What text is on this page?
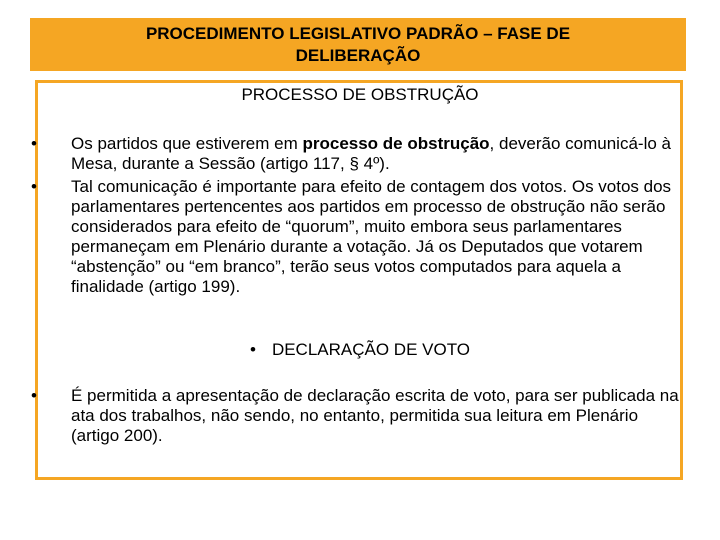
PROCEDIMENTO LEGISLATIVO PADRÃO – FASE DE DELIBERAÇÃO
PROCESSO DE OBSTRUÇÃO
• Os partidos que estiverem em processo de obstrução, deverão comunicá-lo à Mesa, durante a Sessão (artigo 117, § 4º).
• Tal comunicação é importante para efeito de contagem dos votos. Os votos dos parlamentares pertencentes aos partidos em processo de obstrução não serão considerados para efeito de “quorum”, muito embora seus parlamentares permaneçam em Plenário durante a votação. Já os Deputados que votarem “abstenção” ou “em branco”, terão seus votos computados para aquela a finalidade (artigo 199).
• DECLARAÇÃO DE VOTO
• É permitida a apresentação de declaração escrita de voto, para ser publicada na ata dos trabalhos, não sendo, no entanto, permitida sua leitura em Plenário (artigo 200).
